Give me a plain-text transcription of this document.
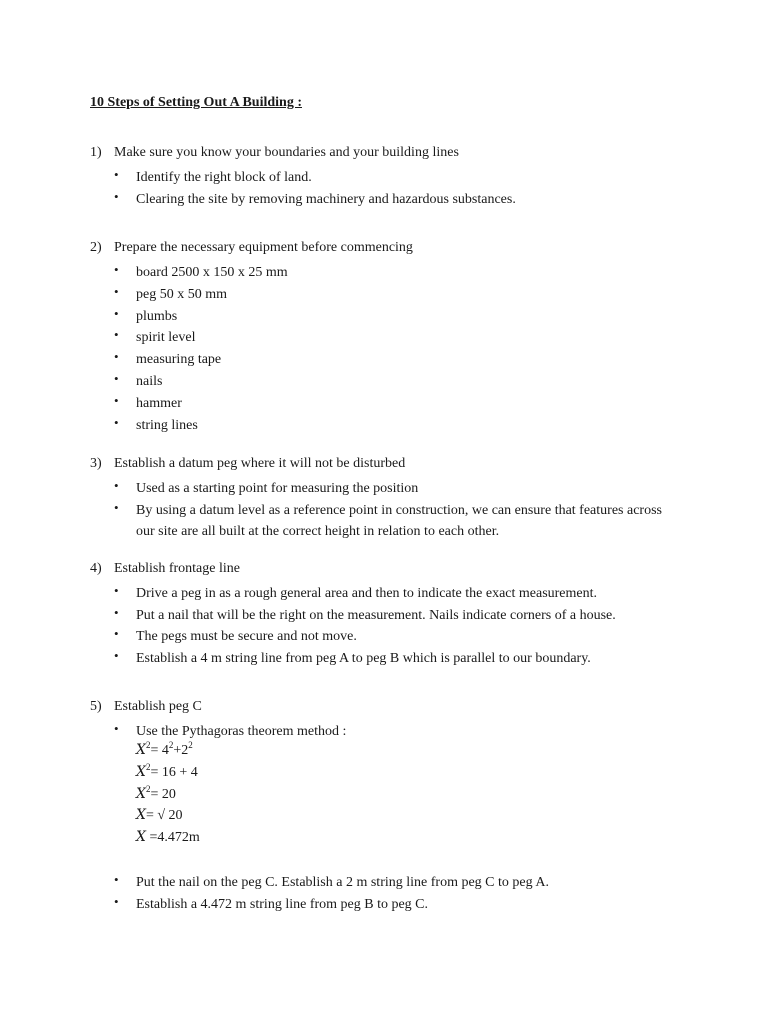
10 Steps of Setting Out A Building :
1) Make sure you know your boundaries and your building lines
• Identify the right block of land.
• Clearing the site by removing machinery and hazardous substances.
2) Prepare the necessary equipment before commencing
• board 2500 x 150 x 25 mm
• peg 50 x 50 mm
• plumbs
• spirit level
• measuring tape
• nails
• hammer
• string lines
3) Establish a datum peg where it will not be disturbed
• Used as a starting point for measuring the position
• By using a datum level as a reference point in construction, we can ensure that features across our site are all built at the correct height in relation to each other.
4) Establish frontage line
• Drive a peg in as a rough general area and then to indicate the exact measurement.
• Put a nail that will be the right on the measurement. Nails indicate corners of a house.
• The pegs must be secure and not move.
• Establish a 4 m string line from peg A to peg B which is parallel to our boundary.
5) Establish peg C
• Use the Pythagoras theorem method :
$X^2= 4^2+2^2$
$X^2= 16 + 4$
$X^2= 20$
X= √ 20
X =4.472m
• Put the nail on the peg C. Establish a 2 m string line from peg C to peg A.
• Establish a 4.472 m string line from peg B to peg C.
